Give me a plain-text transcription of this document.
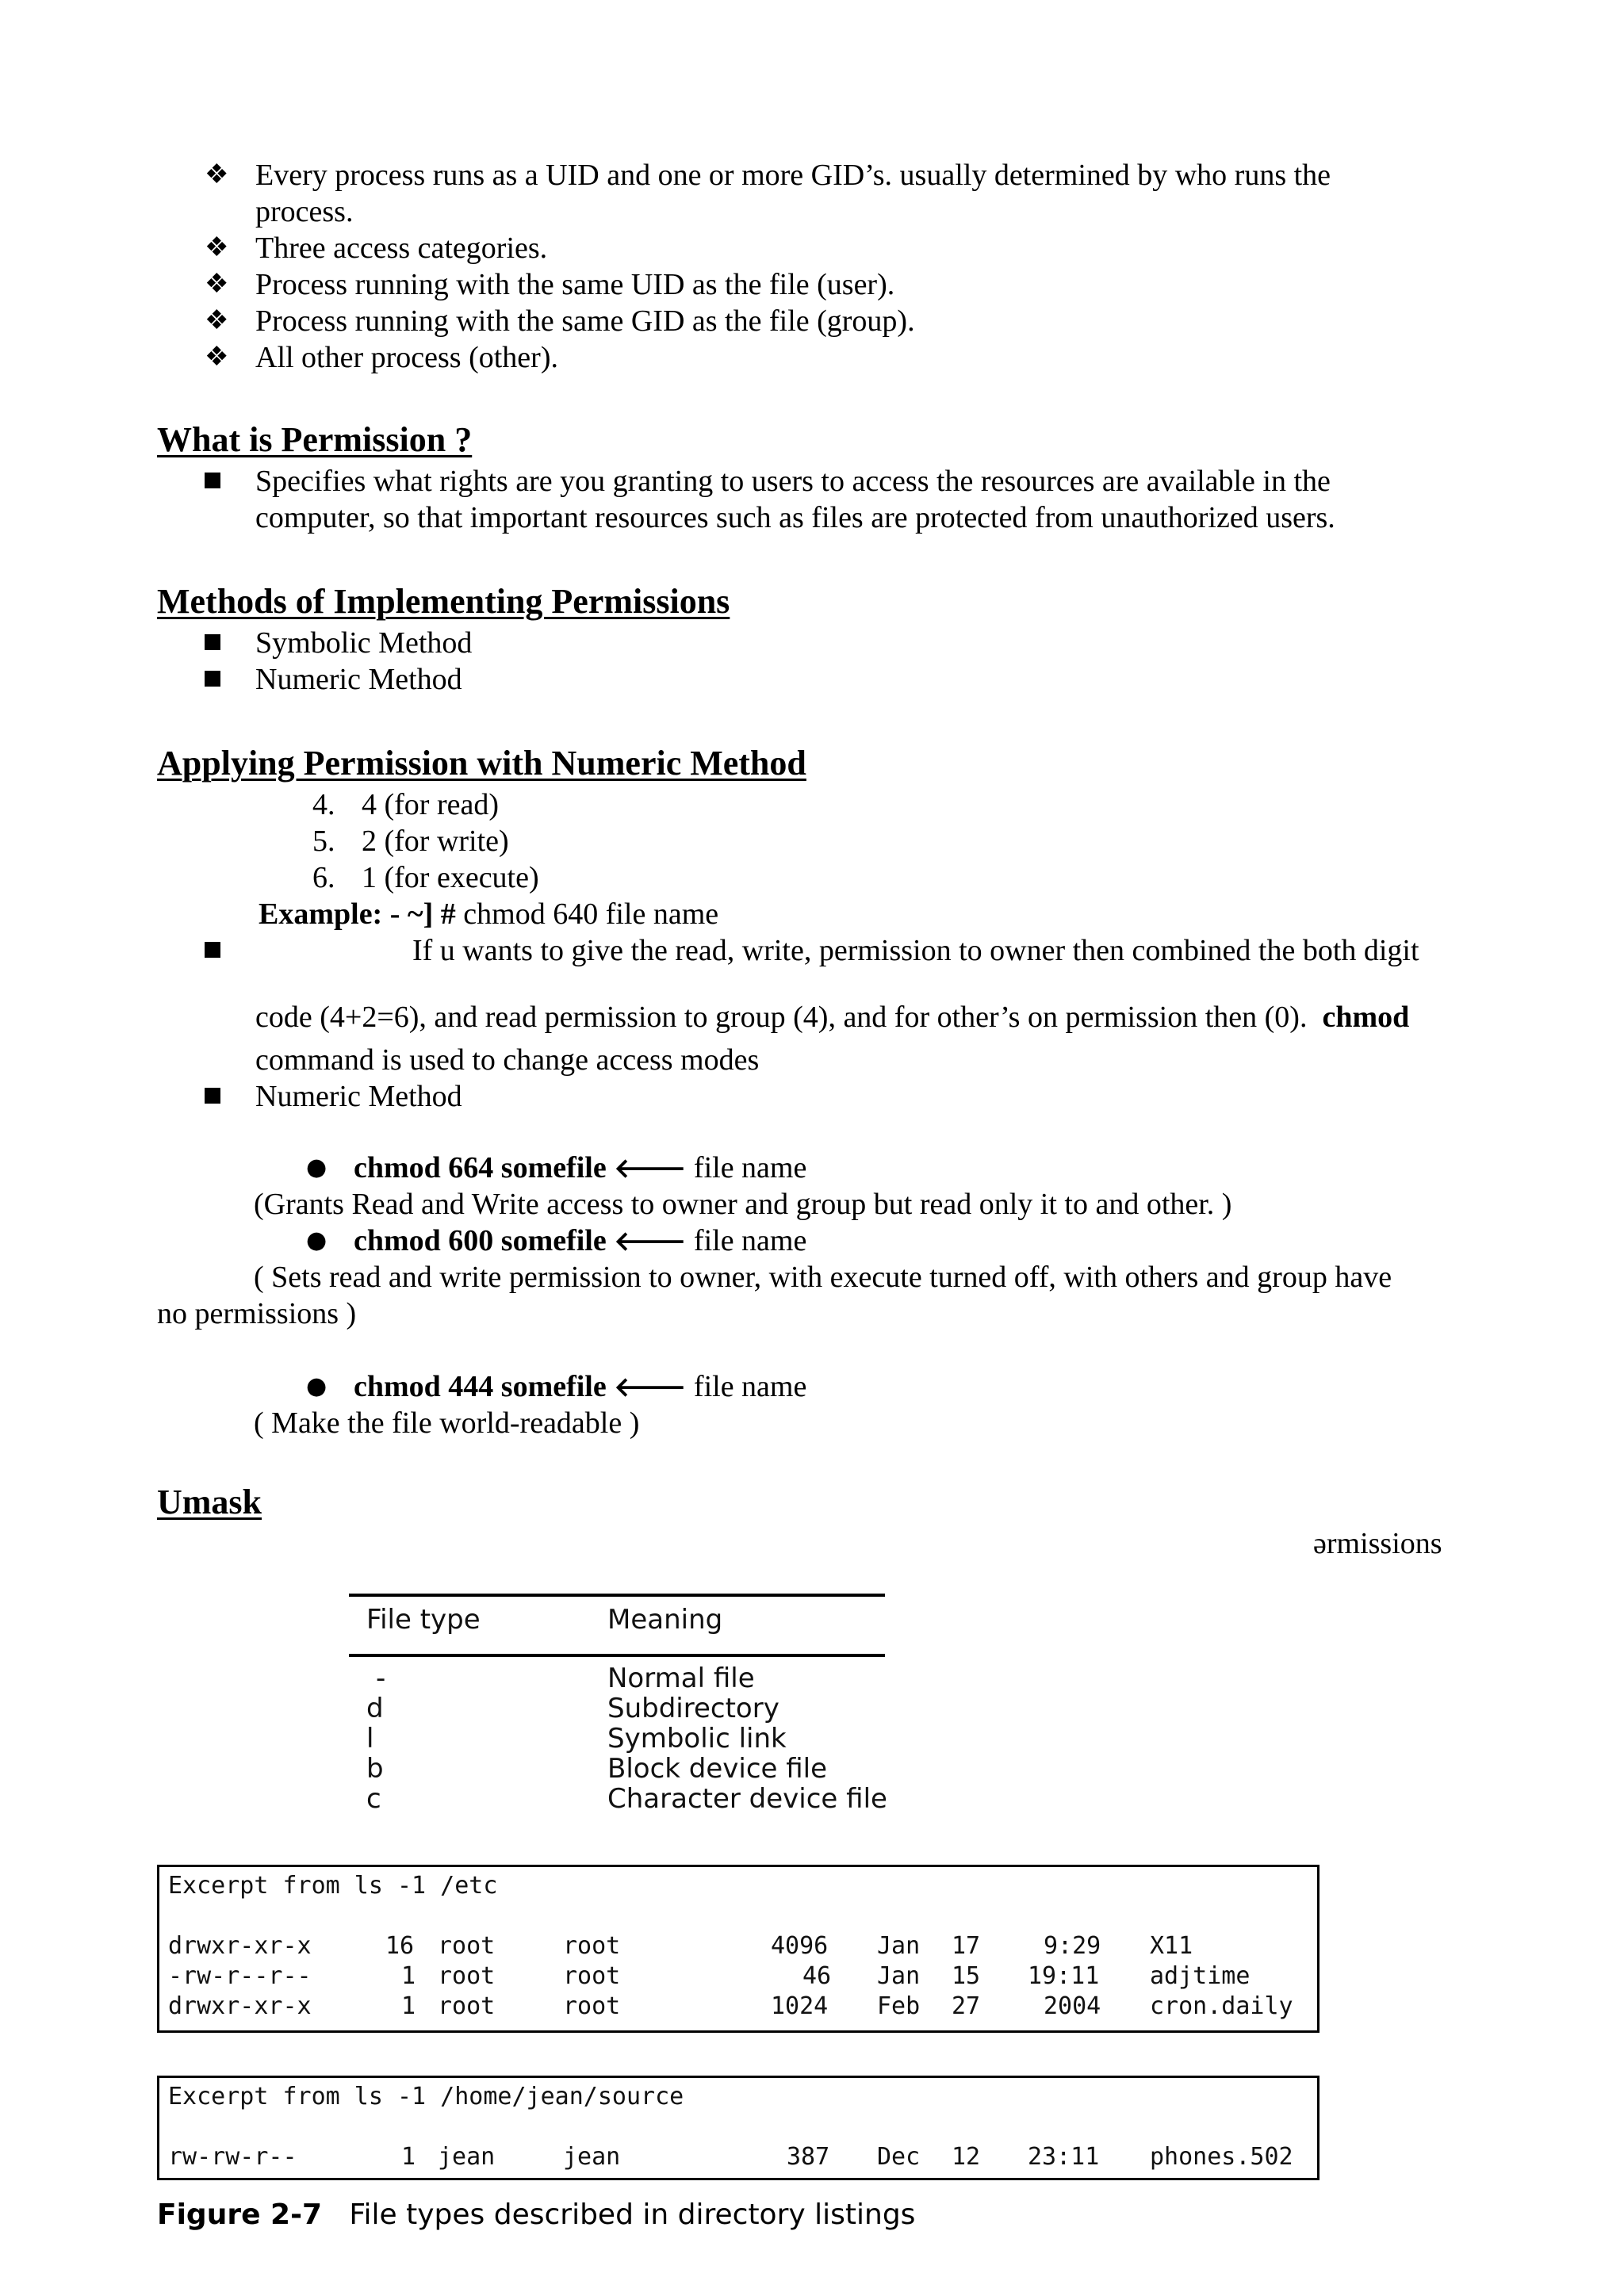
❖ Every process runs as a UID and one or more GID’s. usually determined by who runs the
process.
❖ Three access categories.
❖ Process running with the same UID as the file (user).
❖ Process running with the same GID as the file (group).
❖ All other process (other).
What is Permission ?
Specifies what rights are you granting to users to access the resources are available in the
computer, so that important resources such as files are protected from unauthorized users.
Methods of Implementing Permissions
Symbolic Method
Numeric Method
Applying Permission with Numeric Method
4. 4 (for read)
5. 2 (for write)
6. 1 (for execute)
Example: - ~] # chmod 640 file name
If u wants to give the read, write, permission to owner then combined the both digit
code (4+2=6), and read permission to group (4), and for other’s on permission then (0). chmod
command is used to change access modes
Numeric Method
● chmod 664 somefile 🡐 file name
(Grants Read and Write access to owner and group but read only it to and other. )
● chmod 600 somefile 🡐 file name
( Sets read and write permission to owner, with execute turned off, with others and group have
no permissions )
● chmod 444 somefile 🡐 file name
( Make the file world-readable )
Umask
ərmissions
File type	Meaning
-	Normal file
d	Subdirectory
l	Symbolic link
b	Block device file
c	Character device file
Excerpt from ls -1 /etc
drwxr-xr-x	16 root	root	4096 Jan 17	9:29 X11
-rw-r--r--	1 root	root	46 Jan 15 19:11 adjtime
drwxr-xr-x	1 root	root	1024 Feb 27	2004 cron.daily
Excerpt from ls -1 /home/jean/source
rw-rw-r--	1 jean	jean	387 Dec 12 23:11 phones.502
Figure 2-7 File types described in directory listings
